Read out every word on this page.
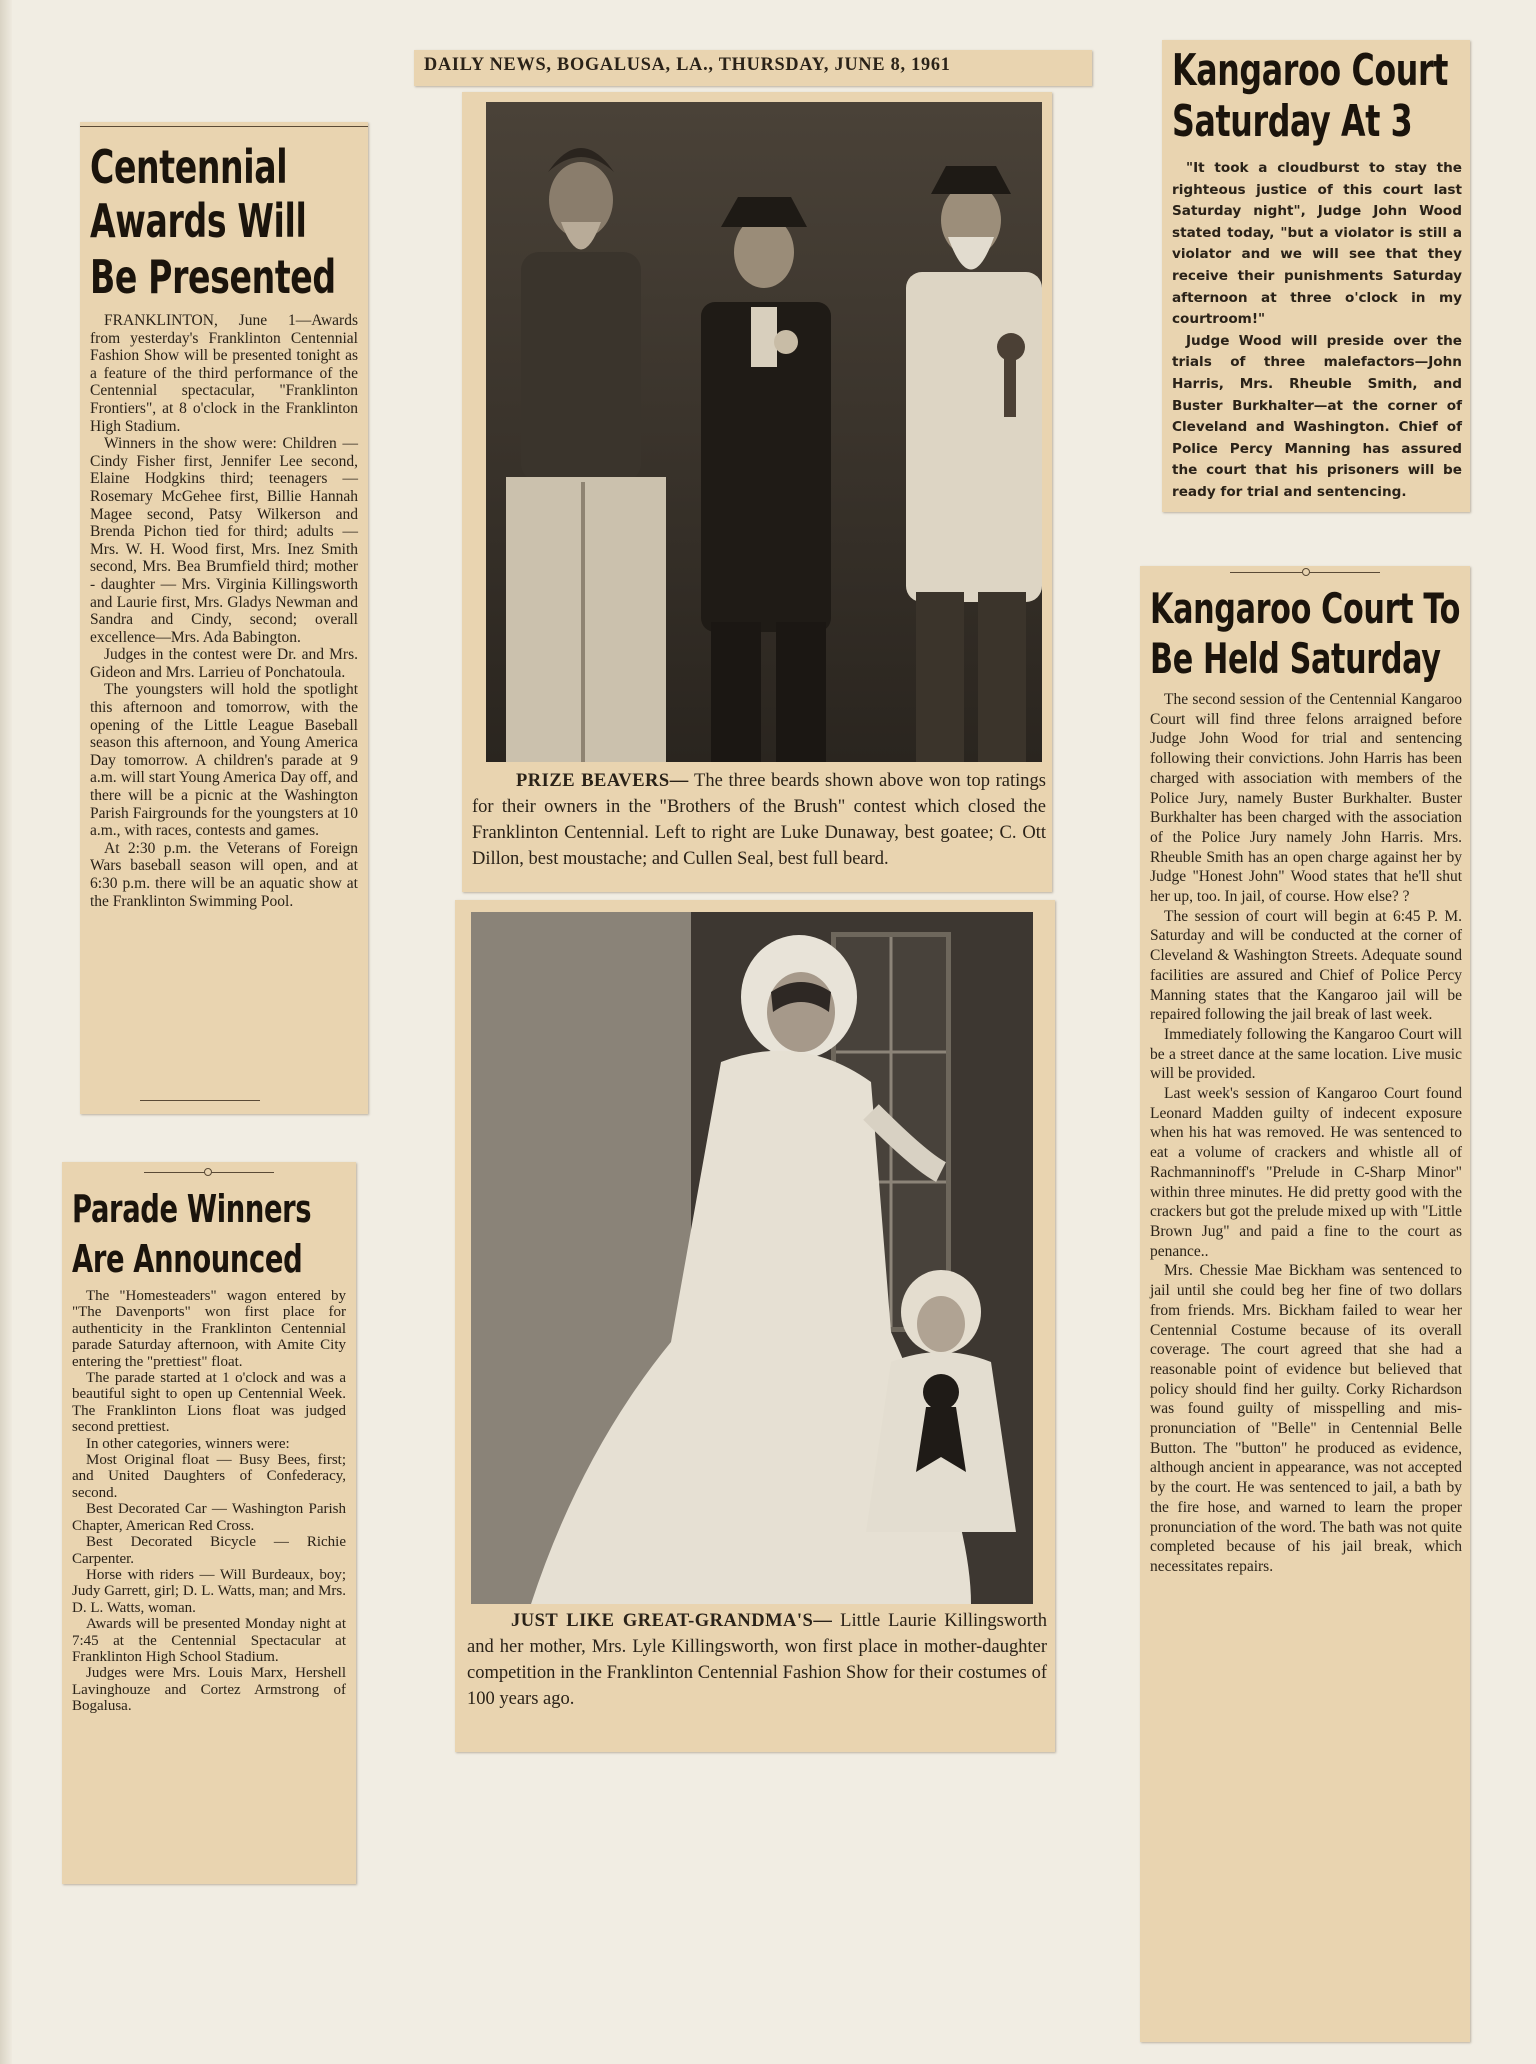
DAILY NEWS, BOGALUSA, LA., THURSDAY, JUNE 8, 1961
Centennial
Awards Will
Be Presented

FRANKLINTON, June 1—Awards from yesterday's Franklinton Centennial Fashion Show will be presented tonight as a feature of the third performance of the Centennial spectacular, "Franklinton Frontiers", at 8 o'clock in the Franklinton High Stadium.

Winners in the show were: Children — Cindy Fisher first, Jennifer Lee second, Elaine Hodgkins third; teenagers — Rosemary McGehee first, Billie Hannah Magee second, Patsy Wilkerson and Brenda Pichon tied for third; adults — Mrs. W. H. Wood first, Mrs. Inez Smith second, Mrs. Bea Brumfield third; mother - daughter — Mrs. Virginia Killingsworth and Laurie first, Mrs. Gladys Newman and Sandra and Cindy, second; overall excellence—Mrs. Ada Babington.

Judges in the contest were Dr. and Mrs. Gideon and Mrs. Larrieu of Ponchatoula.

The youngsters will hold the spotlight this afternoon and tomorrow, with the opening of the Little League Baseball season this afternoon, and Young America Day tomorrow. A children's parade at 9 a.m. will start Young America Day off, and there will be a picnic at the Washington Parish Fairgrounds for the youngsters at 10 a.m., with races, contests and games.

At 2:30 p.m. the Veterans of Foreign Wars baseball season will open, and at 6:30 p.m. there will be an aquatic show at the Franklinton Swimming Pool.

Parade Winners
Are Announced

The "Homesteaders" wagon entered by "The Davenports" won first place for authenticity in the Franklinton Centennial parade Saturday afternoon, with Amite City entering the "prettiest" float.

The parade started at 1 o'clock and was a beautiful sight to open up Centennial Week. The Franklinton Lions float was judged second prettiest.

In other categories, winners were:

Most Original float — Busy Bees, first; and United Daughters of Confederacy, second.

Best Decorated Car — Washington Parish Chapter, American Red Cross.

Best Decorated Bicycle — Richie Carpenter.

Horse with riders — Will Burdeaux, boy; Judy Garrett, girl; D. L. Watts, man; and Mrs. D. L. Watts, woman.

Awards will be presented Monday night at 7:45 at the Centennial Spectacular at Franklinton High School Stadium.

Judges were Mrs. Louis Marx, Hershell Lavinghouze and Cortez Armstrong of Bogalusa.

PRIZE BEAVERS— The three beards shown above won top ratings for their owners in the "Brothers of the Brush" contest which closed the Franklinton Centennial. Left to right are Luke Dunaway, best goatee; C. Ott Dillon, best moustache; and Cullen Seal, best full beard.

JUST LIKE GREAT-GRANDMA'S— Little Laurie Killingsworth and her mother, Mrs. Lyle Killingsworth, won first place in mother-daughter competition in the Franklinton Centennial Fashion Show for their costumes of 100 years ago.

Kangaroo Court
Saturday At 3

"It took a cloudburst to stay the righteous justice of this court last Saturday night", Judge John Wood stated today, "but a violator is still a violator and we will see that they receive their punishments Saturday afternoon at three o'clock in my courtroom!"

Judge Wood will preside over the trials of three malefactors—John Harris, Mrs. Rheuble Smith, and Buster Burkhalter—at the corner of Cleveland and Washington. Chief of Police Percy Manning has assured the court that his prisoners will be ready for trial and sentencing.

Kangaroo Court To
Be Held Saturday

The second session of the Centennial Kangaroo Court will find three felons arraigned before Judge John Wood for trial and sentencing following their convictions. John Harris has been charged with association with members of the Police Jury, namely Buster Burkhalter. Buster Burkhalter has been charged with the association of the Police Jury namely John Harris. Mrs. Rheuble Smith has an open charge against her by Judge "Honest John" Wood states that he'll shut her up, too. In jail, of course. How else? ?

The session of court will begin at 6:45 P. M. Saturday and will be conducted at the corner of Cleveland & Washington Streets. Adequate sound facilities are assured and Chief of Police Percy Manning states that the Kangaroo jail will be repaired following the jail break of last week.

Immediately following the Kangaroo Court will be a street dance at the same location. Live music will be provided.

Last week's session of Kangaroo Court found Leonard Madden guilty of indecent exposure when his hat was removed. He was sentenced to eat a volume of crackers and whistle all of Rachmanninoff's "Prelude in C-Sharp Minor" within three minutes. He did pretty good with the crackers but got the prelude mixed up with "Little Brown Jug" and paid a fine to the court as penance..

Mrs. Chessie Mae Bickham was sentenced to jail until she could beg her fine of two dollars from friends. Mrs. Bickham failed to wear her Centennial Costume because of its overall coverage. The court agreed that she had a reasonable point of evidence but believed that policy should find her guilty. Corky Richardson was found guilty of misspelling and mis-pronunciation of "Belle" in Centennial Belle Button. The "button" he produced as evidence, although ancient in appearance, was not accepted by the court. He was sentenced to jail, a bath by the fire hose, and warned to learn the proper pronunciation of the word. The bath was not quite completed because of his jail break, which necessitates repairs.
